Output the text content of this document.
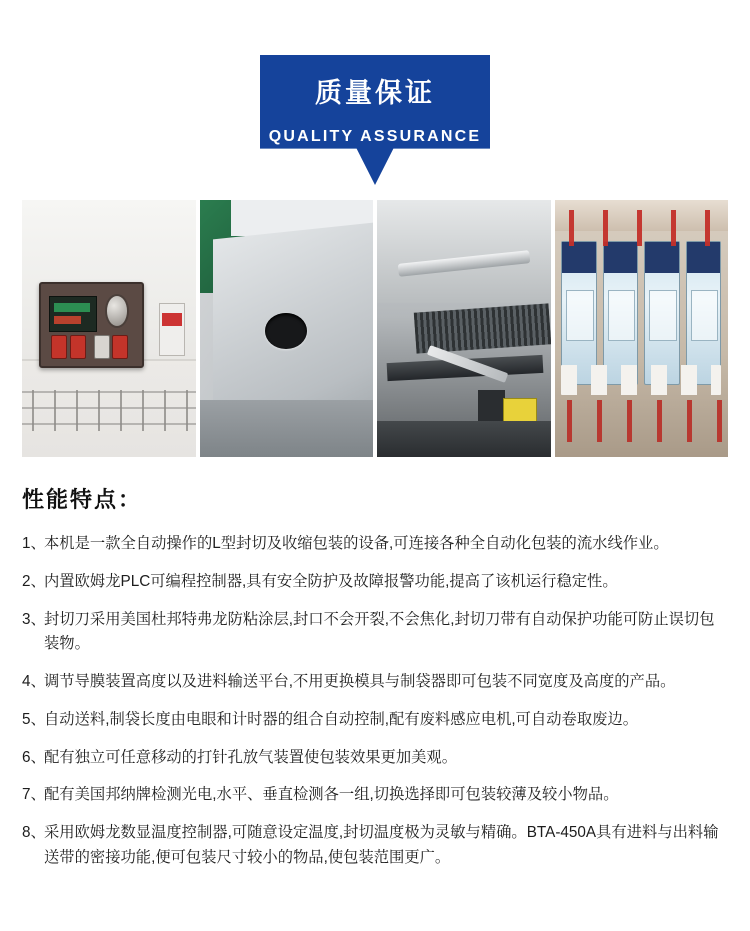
质量保证
QUALITY ASSURANCE
性能特点：
1、
本机是一款全自动操作的L型封切及收缩包装的设备,可连接各种全自动化包装的流水线作业。
2、
内置欧姆龙PLC可编程控制器,具有安全防护及故障报警功能,提高了该机运行稳定性。
3、
封切刀采用美国杜邦特弗龙防粘涂层,封口不会开裂,不会焦化,封切刀带有自动保护功能可防止误切包装物。
4、
调节导膜装置高度以及进料输送平台,不用更换模具与制袋器即可包装不同宽度及高度的产品。
5、
自动送料,制袋长度由电眼和计时器的组合自动控制,配有废料感应电机,可自动卷取废边。
6、
配有独立可任意移动的打针孔放气装置使包装效果更加美观。
7、
配有美国邦纳牌检测光电,水平、垂直检测各一组,切换选择即可包装较薄及较小物品。
8、
采用欧姆龙数显温度控制器,可随意设定温度,封切温度极为灵敏与精确。BTA-450A具有进料与出料输送带的密接功能,便可包装尺寸较小的物品,使包装范围更广。
